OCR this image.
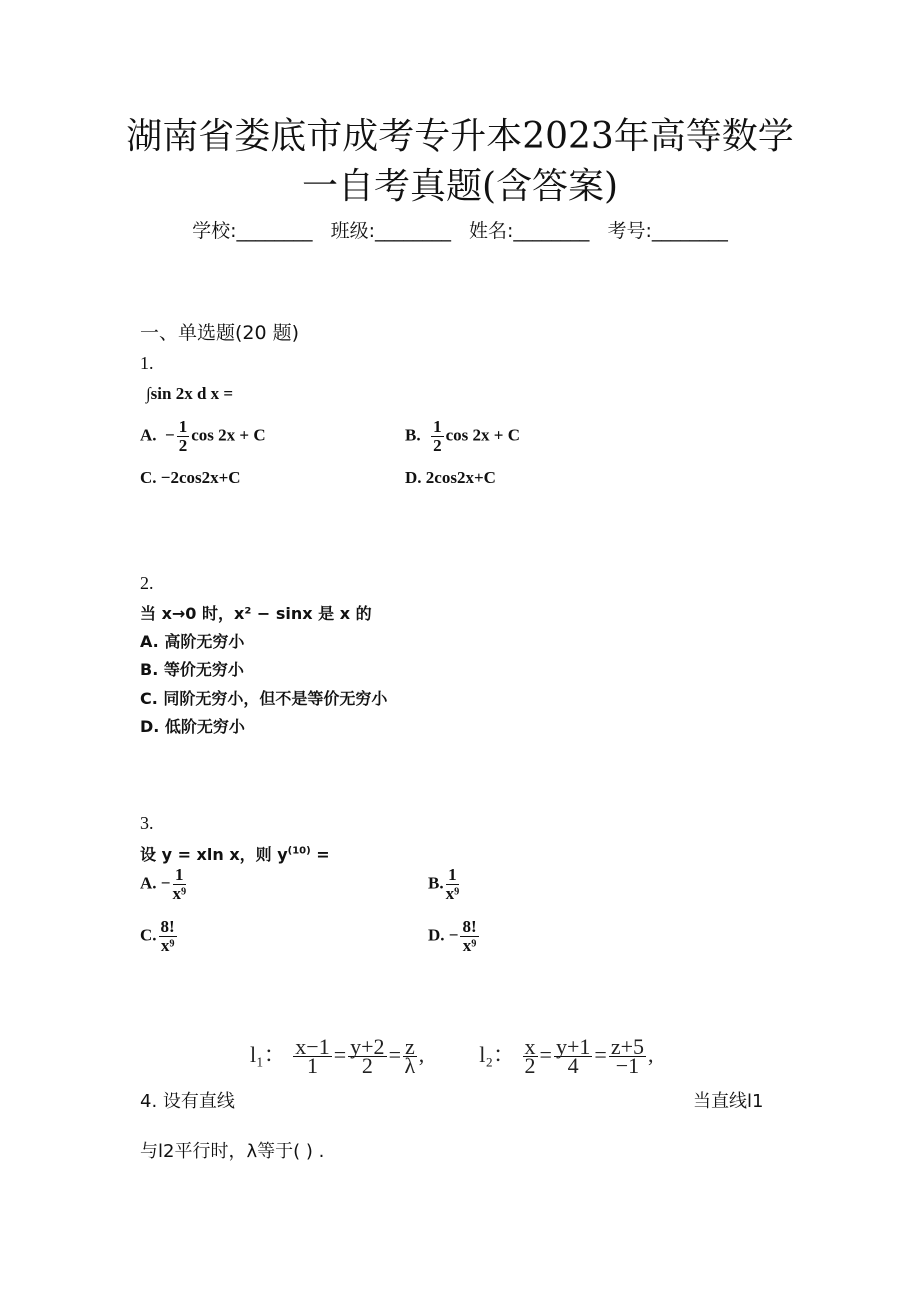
湖南省娄底市成考专升本2023年高等数学
一自考真题(含答案)
学校:________ 班级:________ 姓名:________ 考号:________
一、单选题(20 题)
1.
∫sin 2x d x =
A. − $\frac{1}{2}$ cos 2x + C	B. $\frac{1}{2}$ cos 2x + C
C. −2cos2x+C	D. 2cos2x+C
2.
当 x→0 时，x² − sinx 是 x 的
A. 高阶无穷小
B. 等价无穷小
C. 同阶无穷小，但不是等价无穷小
D. 低阶无穷小
3.
设 y = xln x，则 $y^{(10)}$ =
A. − $\frac{1}{\text{x⁹}}$	B. $\frac{1}{\text{x⁹}}$
C. $\frac{8!}{\text{x⁹}}$	D. − $\frac{8!}{\text{x⁹}}$
l₁： $\frac{x-1}{1} = \frac{y+2}{2} = \frac{z}{\lambda}$ ,  l₂： $\frac{x}{2} = \frac{y+1}{4} = \frac{z+5}{-1}$ ,
4. 设有直线	当直线l1
与l2平行时，λ等于( ) .
